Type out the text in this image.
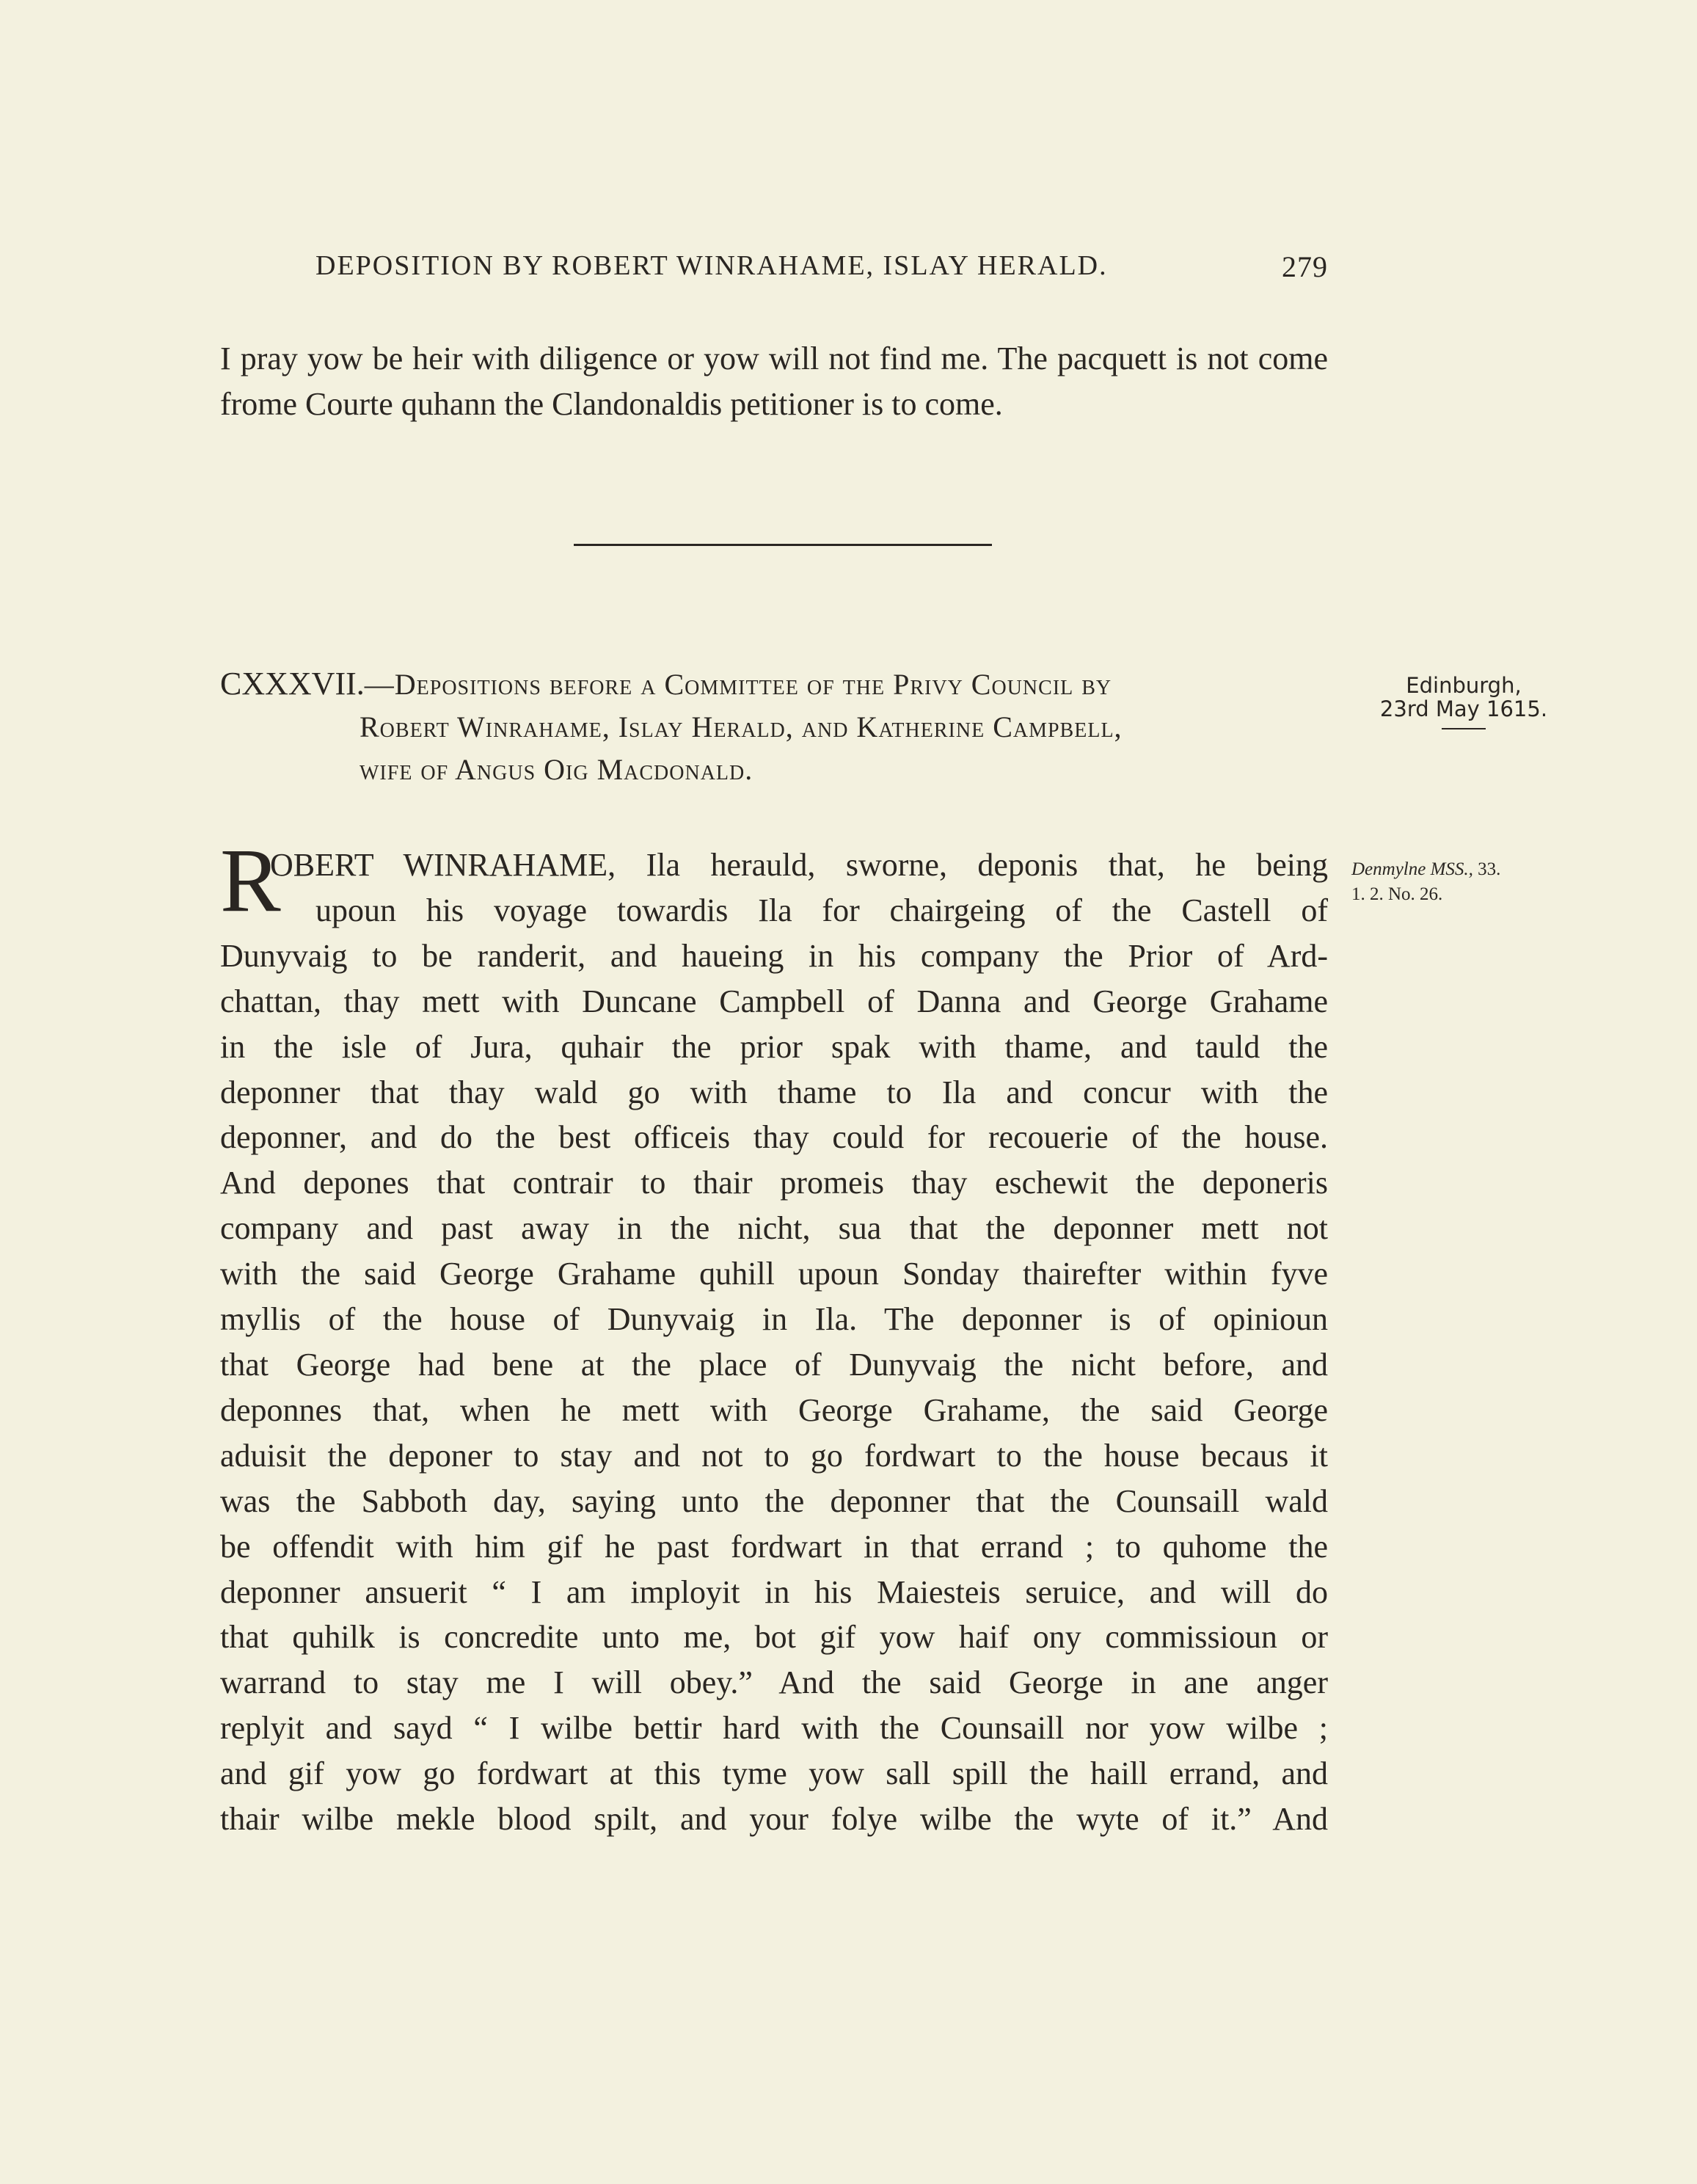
DEPOSITION BY ROBERT WINRAHAME, ISLAY HERALD.	279

I pray yow be heir with diligence or yow will not find me. The pacquett is not come frome Courte quhann the Clandonaldis petitioner is to come.

CXXXVII.—Depositions before a Committee of the Privy Council by
Robert Winrahame, Islay Herald, and Katherine Campbell,
wife of Angus Oig Macdonald.
Edinburgh,
23rd May 1615.
Denmylne MSS., 33.
1. 2. No. 26.
R
OBERT WINRAHAME, Ila herauld, sworne, deponis that, he being
upoun his voyage towardis Ila for chairgeing of the Castell of
Dunyvaig to be randerit, and haueing in his company the Prior of Ard-
chattan, thay mett with Duncane Campbell of Danna and George Grahame
in the isle of Jura, quhair the prior spak with thame, and tauld the
deponner that thay wald go with thame to Ila and concur with the
deponner, and do the best officeis thay could for recouerie of the house.
And depones that contrair to thair promeis thay eschewit the deponeris
company and past away in the nicht, sua that the deponner mett not
with the said George Grahame quhill upoun Sonday thairefter within fyve
myllis of the house of Dunyvaig in Ila. The deponner is of opinioun
that George had bene at the place of Dunyvaig the nicht before, and
deponnes that, when he mett with George Grahame, the said George
aduisit the deponer to stay and not to go fordwart to the house becaus it
was the Sabboth day, saying unto the deponner that the Counsaill wald
be offendit with him gif he past fordwart in that errand ; to quhome the
deponner ansuerit “ I am imployit in his Maiesteis seruice, and will do
that quhilk is concredite unto me, bot gif yow haif ony commissioun or
warrand to stay me I will obey.” And the said George in ane anger
replyit and sayd “ I wilbe bettir hard with the Counsaill nor yow wilbe ;
and gif yow go fordwart at this tyme yow sall spill the haill errand, and
thair wilbe mekle blood spilt, and your folye wilbe the wyte of it.” And
